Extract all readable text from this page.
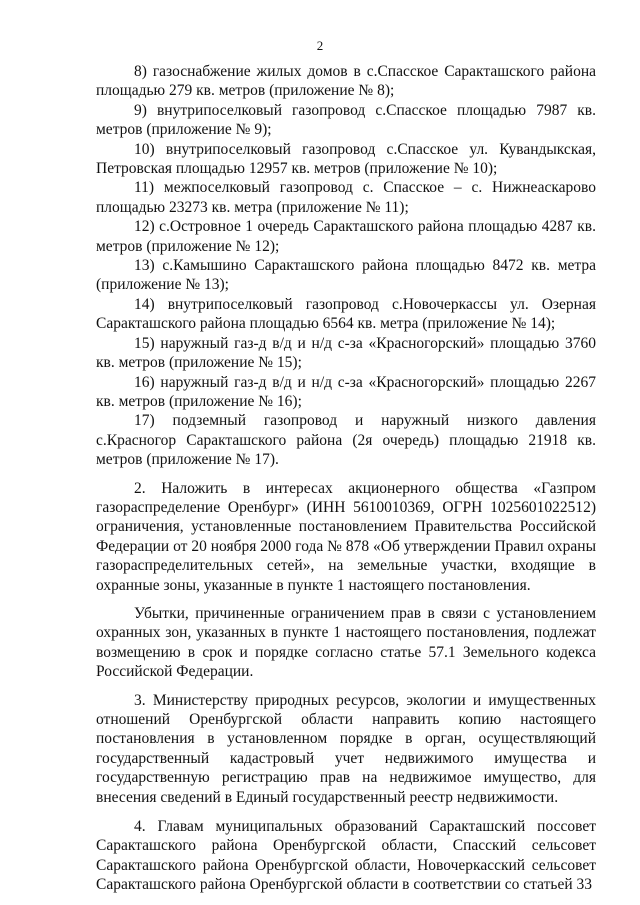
2

8) газоснабжение жилых домов в с.Спасское Саракташского района площадью 279 кв. метров (приложение № 8);

9) внутрипоселковый газопровод с.Спасское площадью 7987 кв. метров (приложение № 9);

10) внутрипоселковый газопровод с.Спасское ул. Кувандыкская, Петровская площадью 12957 кв. метров (приложение № 10);

11) межпоселковый газопровод с. Спасское – с. Нижнеаскарово площадью 23273 кв. метра (приложение № 11);

12) с.Островное 1 очередь Саракташского района площадью 4287 кв. метров (приложение № 12);

13) с.Камышино Саракташского района площадью 8472 кв. метра (приложение № 13);

14) внутрипоселковый газопровод с.Новочеркассы ул. Озерная Саракташского района площадью 6564 кв. метра (приложение № 14);

15) наружный газ-д в/д и н/д с-за «Красногорский» площадью 3760 кв. метров (приложение № 15);

16) наружный газ-д в/д и н/д с-за «Красногорский» площадью 2267 кв. метров (приложение № 16);

17) подземный газопровод и наружный низкого давления с.Красногор Саракташского района (2я очередь) площадью 21918 кв. метров (приложение № 17).

2. Наложить в интересах акционерного общества «Газпром газораспределение Оренбург» (ИНН 5610010369, ОГРН 1025601022512) ограничения, установленные постановлением Правительства Российской Федерации от 20 ноября 2000 года № 878 «Об утверждении Правил охраны газораспределительных сетей», на земельные участки, входящие в охранные зоны, указанные в пункте 1 настоящего постановления.

Убытки, причиненные ограничением прав в связи с установлением охранных зон, указанных в пункте 1 настоящего постановления, подлежат возмещению в срок и порядке согласно статье 57.1 Земельного кодекса Российской Федерации.

3. Министерству природных ресурсов, экологии и имущественных отношений Оренбургской области направить копию настоящего постановления в установленном порядке в орган, осуществляющий государственный кадастровый учет недвижимого имущества и государственную регистрацию прав на недвижимое имущество, для внесения сведений в Единый государственный реестр недвижимости.

4. Главам муниципальных образований Саракташский поссовет Саракташского района Оренбургской области, Спасский сельсовет Саракташского района Оренбургской области, Новочеркасский сельсовет Саракташского района Оренбургской области в соответствии со статьей 33
